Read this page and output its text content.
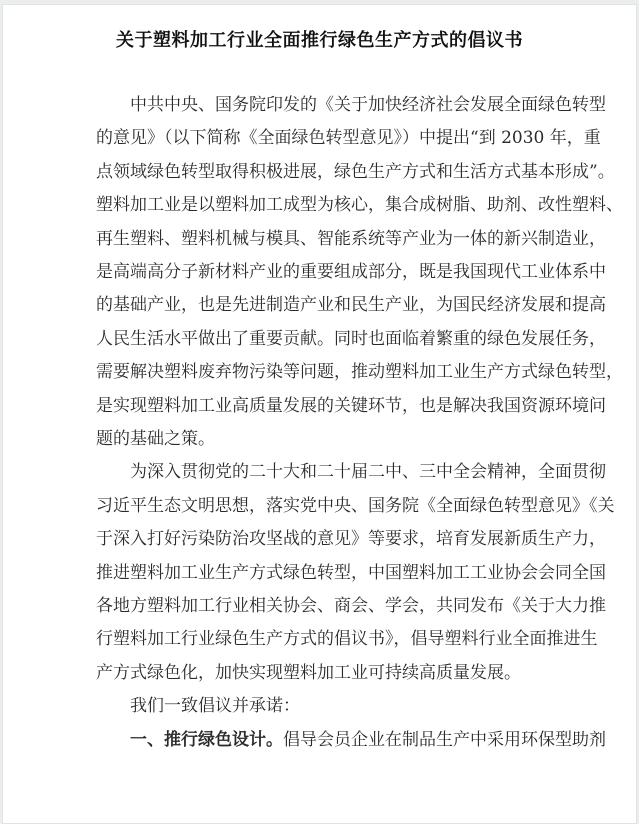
关于塑料加工行业全面推行绿色生产方式的倡议书
中共中央、国务院印发的《关于加快经济社会发展全面绿色转型
的意见》（以下简称《全面绿色转型意见》）中提出“到 2030 年，重
点领域绿色转型取得积极进展，绿色生产方式和生活方式基本形成”。
塑料加工业是以塑料加工成型为核心，集合成树脂、助剂、改性塑料、
再生塑料、塑料机械与模具、智能系统等产业为一体的新兴制造业，
是高端高分子新材料产业的重要组成部分，既是我国现代工业体系中
的基础产业，也是先进制造产业和民生产业，为国民经济发展和提高
人民生活水平做出了重要贡献。同时也面临着繁重的绿色发展任务，
需要解决塑料废弃物污染等问题，推动塑料加工业生产方式绿色转型，
是实现塑料加工业高质量发展的关键环节，也是解决我国资源环境问
题的基础之策。
为深入贯彻党的二十大和二十届二中、三中全会精神，全面贯彻
习近平生态文明思想，落实党中央、国务院《全面绿色转型意见》《关
于深入打好污染防治攻坚战的意见》等要求，培育发展新质生产力，
推进塑料加工业生产方式绿色转型，中国塑料加工工业协会会同全国
各地方塑料加工行业相关协会、商会、学会，共同发布《关于大力推
行塑料加工行业绿色生产方式的倡议书》，倡导塑料行业全面推进生
产方式绿色化，加快实现塑料加工业可持续高质量发展。
我们一致倡议并承诺：
一、推行绿色设计。倡导会员企业在制品生产中采用环保型助剂
